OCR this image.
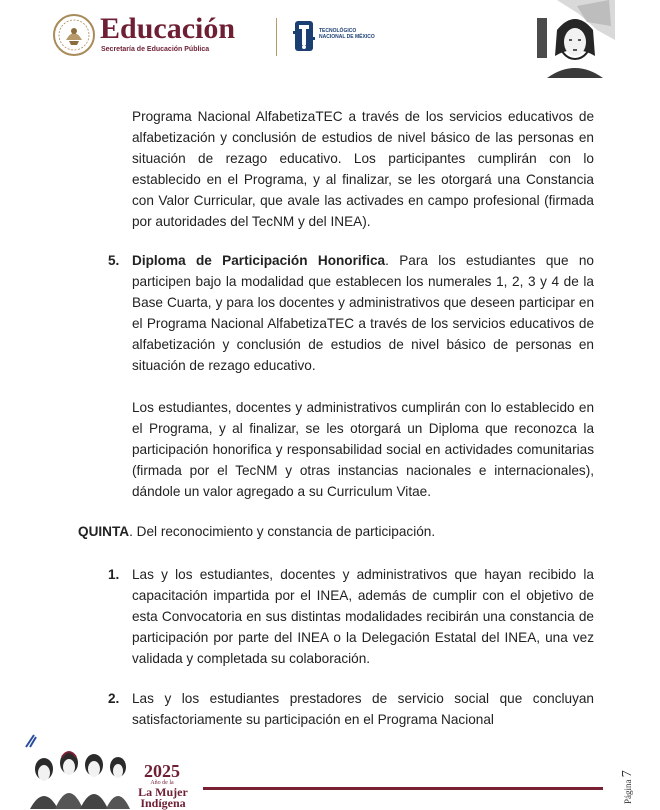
Educación
Secretaría de Educación Pública
TECNOLÓGICO
NACIONAL DE MÉXICO
Programa Nacional AlfabetizaTEC a través de los servicios educativos de alfabetización y conclusión de estudios de nivel básico de las personas en situación de rezago educativo. Los participantes cumplirán con lo establecido en el Programa, y al finalizar, se les otorgará una Constancia con Valor Curricular, que avale las activades en campo profesional (firmada por autoridades del TecNM y del INEA).
5. Diploma de Participación Honorifica. Para los estudiantes que no participen bajo la modalidad que establecen los numerales 1, 2, 3 y 4 de la Base Cuarta, y para los docentes y administrativos que deseen participar en el Programa Nacional AlfabetizaTEC a través de los servicios educativos de alfabetización y conclusión de estudios de nivel básico de personas en situación de rezago educativo.
Los estudiantes, docentes y administrativos cumplirán con lo establecido en el Programa, y al finalizar, se les otorgará un Diploma que reconozca la participación honorifica y responsabilidad social en actividades comunitarias (firmada por el TecNM y otras instancias nacionales e internacionales), dándole un valor agregado a su Curriculum Vitae.
QUINTA. Del reconocimiento y constancia de participación.
1. Las y los estudiantes, docentes y administrativos que hayan recibido la capacitación impartida por el INEA, además de cumplir con el objetivo de esta Convocatoria en sus distintas modalidades recibirán una constancia de participación por parte del INEA o la Delegación Estatal del INEA, una vez validada y completada su colaboración.
2. Las y los estudiantes prestadores de servicio social que concluyan satisfactoriamente su participación en el Programa Nacional
2025
Año de la
La Mujer
Indígena	Página 7
